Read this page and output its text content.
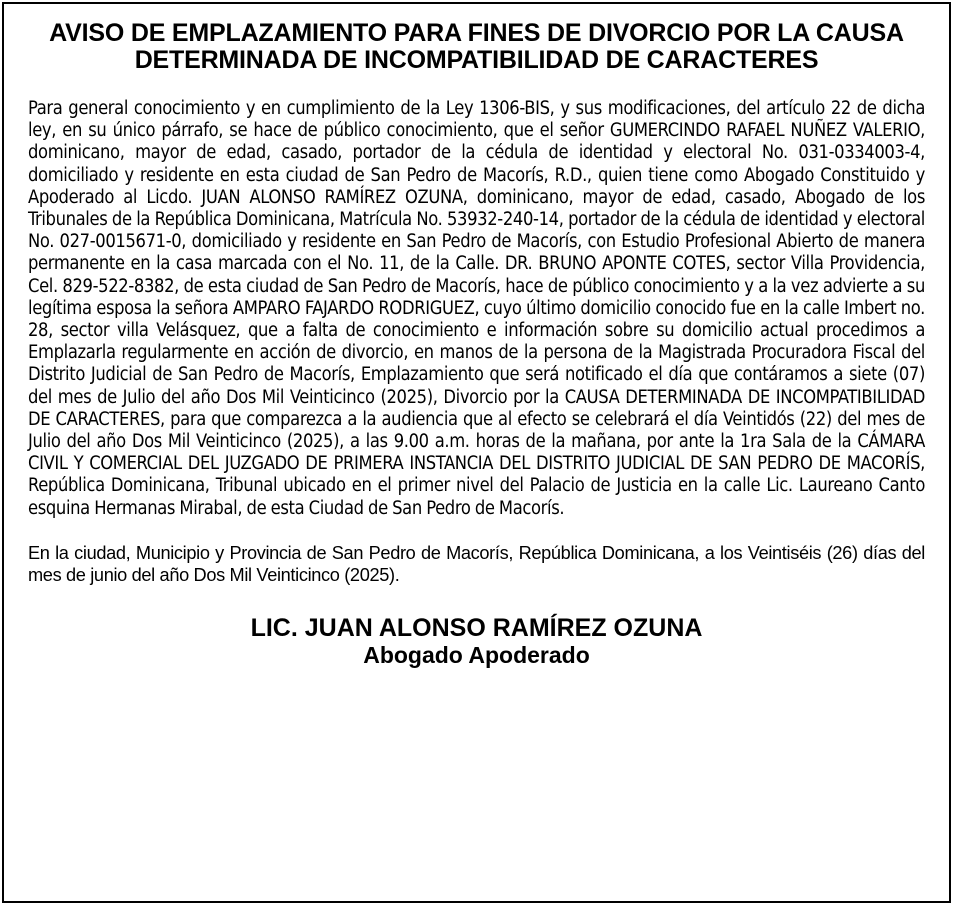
AVISO DE EMPLAZAMIENTO PARA FINES DE DIVORCIO POR LA CAUSA DETERMINADA DE INCOMPATIBILIDAD DE CARACTERES
Para general conocimiento y en cumplimiento de la Ley 1306-BIS, y sus modificaciones, del artículo 22 de dicha ley, en su único párrafo, se hace de público conocimiento, que el señor GUMERCINDO RAFAEL NUÑEZ VALERIO, dominicano, mayor de edad, casado, portador de la cédula de identidad y electoral No. 031-0334003-4, domiciliado y residente en esta ciudad de San Pedro de Macorís, R.D., quien tiene como Abogado Constituido y Apoderado al Licdo. JUAN ALONSO RAMÍREZ OZUNA, dominicano, mayor de edad, casado, Abogado de los Tribunales de la República Dominicana, Matrícula No. 53932-240-14, portador de la cédula de identidad y electoral No. 027-0015671-0, domiciliado y residente en San Pedro de Macorís, con Estudio Profesional Abierto de manera permanente en la casa marcada con el No. 11, de la Calle. DR. BRUNO APONTE COTES, sector Villa Providencia, Cel. 829-522-8382, de esta ciudad de San Pedro de Macorís, hace de público conocimiento y a la vez advierte a su legítima esposa la señora AMPARO FAJARDO RODRIGUEZ, cuyo último domicilio conocido fue en la calle Imbert no. 28, sector villa Velásquez, que a falta de conocimiento e información sobre su domicilio actual procedimos a Emplazarla regularmente en acción de divorcio, en manos de la persona de la Magistrada Procuradora Fiscal del Distrito Judicial de San Pedro de Macorís, Emplazamiento que será notificado el día que contáramos a siete (07) del mes de Julio del año Dos Mil Veinticinco (2025), Divorcio por la CAUSA DETERMINADA DE INCOMPATIBILIDAD DE CARACTERES, para que comparezca a la audiencia que al efecto se celebrará el día Veintidós (22) del mes de Julio del año Dos Mil Veinticinco (2025), a las 9.00 a.m. horas de la mañana, por ante la 1ra Sala de la CÁMARA CIVIL Y COMERCIAL DEL JUZGADO DE PRIMERA INSTANCIA DEL DISTRITO JUDICIAL DE SAN PEDRO DE MACORÍS, República Dominicana, Tribunal ubicado en el primer nivel del Palacio de Justicia en la calle Lic. Laureano Canto esquina Hermanas Mirabal, de esta Ciudad de San Pedro de Macorís.
En la ciudad, Municipio y Provincia de San Pedro de Macorís, República Dominicana, a los Veintiséis (26) días del mes de junio del año Dos Mil Veinticinco (2025).
LIC. JUAN ALONSO RAMÍREZ OZUNA
Abogado Apoderado
